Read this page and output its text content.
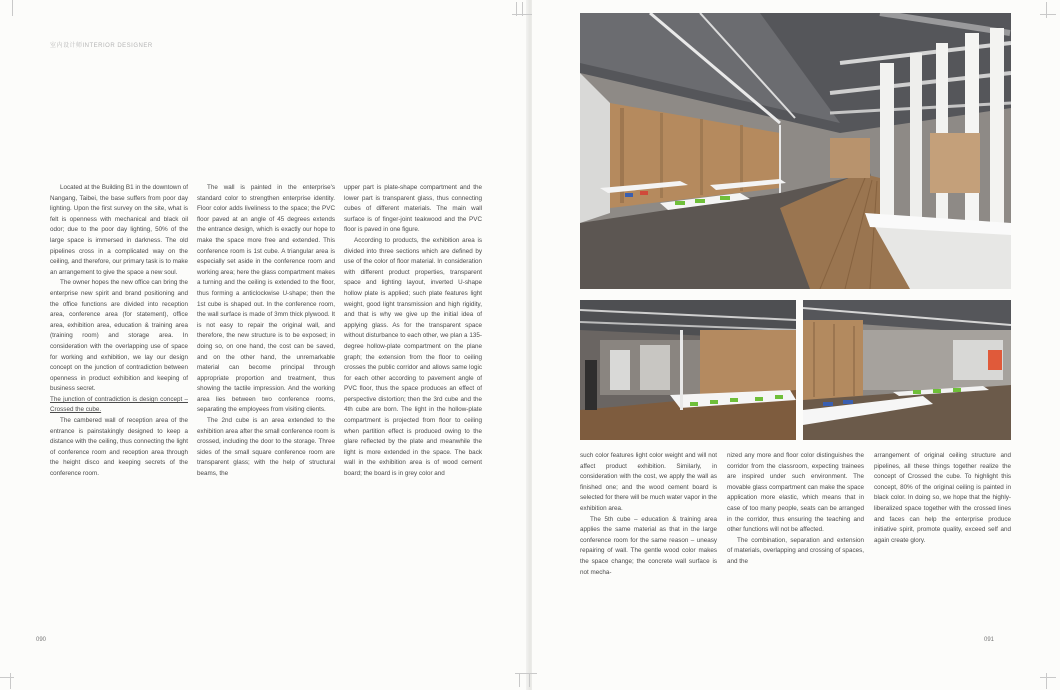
室内设计师INTERIOR DESIGNER

Located at the Building B1 in the downtown of Nangang, Taibei, the base suffers from poor day lighting. Upon the first survey on the site, what is felt is openness with mechanical and black oil odor; due to the poor day lighting, 50% of the large space is immersed in darkness. The old pipelines cross in a complicated way on the ceiling, and therefore, our primary task is to make an arrangement to give the space a new soul.

The owner hopes the new office can bring the enterprise new spirit and brand positioning and the office functions are divided into reception area, conference area (for statement), office area, exhibition area, education & training area (training room) and storage area. In consideration with the overlapping use of space for working and exhibition, we lay our design concept on the junction of contradiction between openness in product exhibition and keeping of business secret.

The junction of contradiction is design concept – Crossed the cube.

The cambered wall of reception area of the entrance is painstakingly designed to keep a distance with the ceiling, thus connecting the light of conference room and reception area through the height disco and keeping secrets of the conference room.

The wall is painted in the enterprise's standard color to strengthen enterprise identity. Floor color adds liveliness to the space; the PVC floor paved at an angle of 45 degrees extends the entrance design, which is exactly our hope to make the space more free and extended. This conference room is 1st cube. A triangular area is especially set aside in the conference room and working area; here the glass compartment makes a turning and the ceiling is extended to the floor, thus forming a anticlockwise U-shape; then the 1st cube is shaped out. In the conference room, the wall surface is made of 3mm thick plywood. It is not easy to repair the original wall, and therefore, the new structure is to be exposed; in doing so, on one hand, the cost can be saved, and on the other hand, the unremarkable material can become principal through appropriate proportion and treatment, thus showing the tactile impression. And the working area lies between two conference rooms, separating the employees from visiting clients.

The 2nd cube is an area extended to the exhibition area after the small conference room is crossed, including the door to the storage. Three sides of the small square conference room are transparent glass; with the help of structural beams, the

upper part is plate-shape compartment and the lower part is transparent glass, thus connecting cubes of different materials. The main wall surface is of finger-joint teakwood and the PVC floor is paved in one figure.

According to products, the exhibition area is divided into three sections which are defined by use of the color of floor material. In consideration with different product properties, transparent space and lighting layout, inverted U-shape hollow plate is applied; such plate features light weight, good light transmission and high rigidity, and that is why we give up the initial idea of applying glass. As for the transparent space without disturbance to each other, we plan a 135-degree hollow-plate compartment on the plane graph; the extension from the floor to ceiling crosses the public corridor and allows same logic for each other according to pavement angle of PVC floor, thus the space produces an effect of perspective distortion; then the 3rd cube and the 4th cube are born. The light in the hollow-plate compartment is projected from floor to ceiling when partition effect is produced owing to the glare reflected by the plate and meanwhile the light is more extended in the space. The back wall in the exhibition area is of wood cement board; the board is in grey color and

090

such color features light color weight and will not affect product exhibition. Similarly, in consideration with the cost, we apply the wall as finished one; and the wood cement board is selected for there will be much water vapor in the exhibition area.

The 5th cube – education & training area applies the same material as that in the large conference room for the same reason – uneasy repairing of wall. The gentle wood color makes the space change; the concrete wall surface is not mecha-

nized any more and floor color distinguishes the corridor from the classroom, expecting trainees are inspired under such environment. The movable glass compartment can make the space application more elastic, which means that in case of too many people, seats can be arranged in the corridor, thus ensuring the teaching and other functions will not be affected.

The combination, separation and extension of materials, overlapping and crossing of spaces, and the

arrangement of original ceiling structure and pipelines, all these things together realize the concept of Crossed the cube. To highlight this concept, 80% of the original ceiling is painted in black color. In doing so, we hope that the highly-liberalized space together with the crossed lines and faces can help the enterprise produce initiative spirit, promote quality, exceed self and again create glory.

091
